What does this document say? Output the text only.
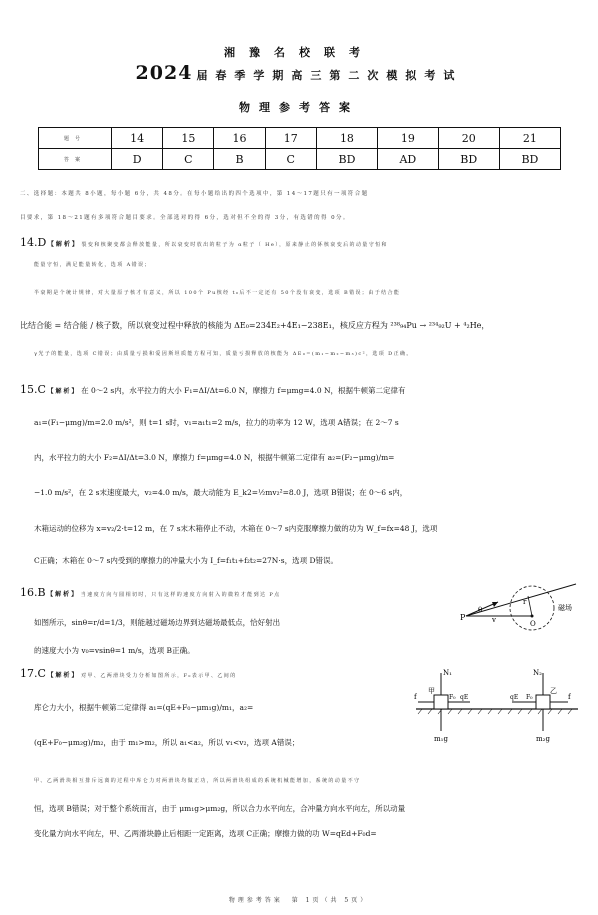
湘豫名校联考
2024 届春季学期高三第二次模拟考试
物理参考答案
题号	14	15	16	17	18	19	20	21
答案	D	C	B	C	BD	AD	BD	BD
二、选择题：本题共 8小题，每小题 6分，共 48分。在每小题给出的四个选项中，第 14～17题只有一项符合题
目要求，第 18～21题有多项符合题目要求。全部选对的得 6分，选对但不全的得 3分，有选错的得 0分。
14.D 【解析】 裂变和核聚变都会释放能量，所以衰变时放出的粒子为 α粒子（ He），原来静止的钚核衰变后的动量守恒和
能量守恒，满足能量转化，选项 A错误；
半衰期是个统计规律，对大量原子核才有意义，所以 100个 Pu核经 t₀后不一定还有 50个没有衰变，选项 B错误；由于结合能
比结合能 = 结合能 / 核子数，所以衰变过程中释放的核能为 ΔE₀=234E₂+4E₁−238E₁，核反应方程为 ²³⁸₉₄Pu → ²³⁴₉₂U + ⁴₂He，
γ光子的能量，选项 C错误；由质量亏损和爱因斯坦质能方程可知，质量亏损释放的核能为 ΔE₀=(m₁−m₂−m₃)c²，选项 D正确。
15.C 【解析】 在 0～2 s内，水平拉力的大小 F₁=ΔI/Δt=6.0 N，摩擦力 f=μmg=4.0 N，根据牛顿第二定律有
a₁=(F₁−μmg)/m=2.0 m/s²，则 t=1 s时，v₁=a₁t₁=2 m/s，拉力的功率为 12 W，选项 A错误；在 2～7 s
内，水平拉力的大小 F₂=ΔI/Δt=3.0 N，摩擦力 f=μmg=4.0 N，根据牛顿第二定律有 a₂=(F₂−μmg)/m=
−1.0 m/s²，在 2 s末速度最大，v₂=4.0 m/s，最大动能为 E_k2=½mv₂²=8.0 J，选项 B错误；在 0～6 s内，
木箱运动的位移为 x=v₂/2·t=12 m，在 7 s末木箱停止不动，木箱在 0～7 s内克服摩擦力做的功为 W_f=fx=48 J，选项
C正确；木箱在 0～7 s内受到的摩擦力的冲量大小为 I_f=f₁t₁+f₂t₂=27N·s，选项 D错误。
16.B 【解析】 当速度方向与圆相切时，只有这样的速度方向射入的微粒才能到达 P点
如图所示，sinθ=r/d=1/3，则能越过磁场边界到达磁场最低点，恰好射出
的速度大小为 v₀=vsinθ=1 m/s，选项 B正确。
P
θ
v	O
磁场
r
17.C 【解析】 对甲、乙两滑块受力分析如图所示，F₀表示甲、乙间的
库仑力大小，根据牛顿第二定律得 a₁=(qE+F₀−μm₁g)/m₁，a₂=
(qE+F₀−μm₂g)/m₂，由于 m₁>m₂，所以 a₁<a₂，所以 v₁<v₂，选项 A错误；
甲、乙两滑块相互排斥远离的过程中库仑力对两滑块均做正功，所以两滑块组成的系统机械能增加，系统的动量不守
恒，选项 B错误；对于整个系统而言，由于 μm₁g>μm₂g，所以合力水平向左，合冲量方向水平向左，所以动量
变化量方向水平向左，甲、乙两滑块静止后相距一定距离，选项 C正确；摩擦力做的功 W=qEd+F₀d=
N₁
甲
F₀ qE
f
m₁g
N₂
乙
F₀
qE	f
m₂g
物理参考答案　第 1页（共 5页）
